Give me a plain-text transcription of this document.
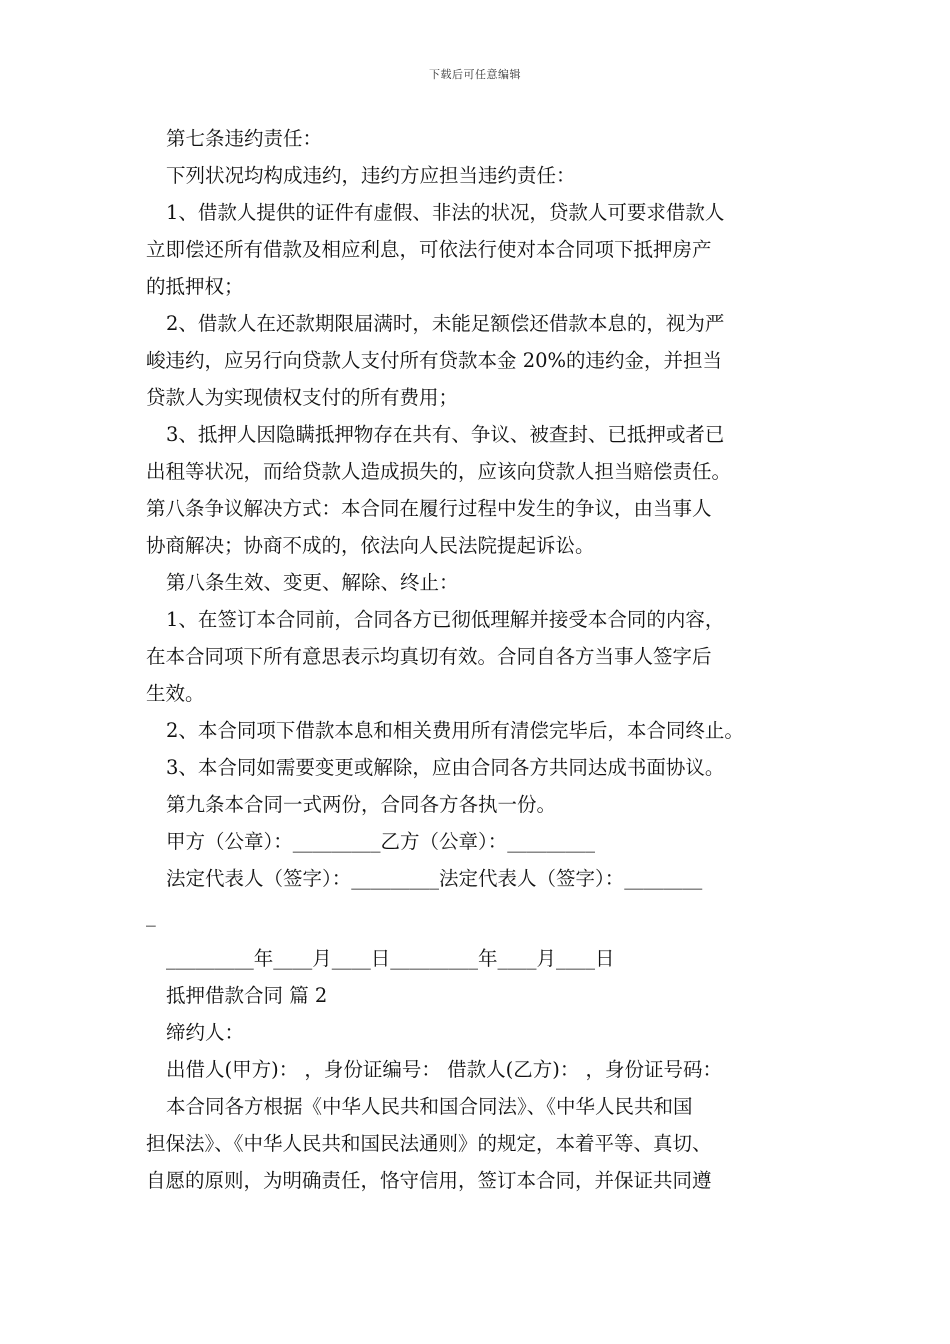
下载后可任意编辑

第七条违约责任：

下列状况均构成违约，违约方应担当违约责任：

1、借款人提供的证件有虚假、非法的状况，贷款人可要求借款人

立即偿还所有借款及相应利息，可依法行使对本合同项下抵押房产

的抵押权；

2、借款人在还款期限届满时，未能足额偿还借款本息的，视为严

峻违约，应另行向贷款人支付所有贷款本金 20%的违约金，并担当

贷款人为实现债权支付的所有费用；

3、抵押人因隐瞒抵押物存在共有、争议、被查封、已抵押或者已

出租等状况，而给贷款人造成损失的，应该向贷款人担当赔偿责任。

第八条争议解决方式：本合同在履行过程中发生的争议，由当事人

协商解决；协商不成的，依法向人民法院提起诉讼。

第八条生效、变更、解除、终止：

1、在签订本合同前，合同各方已彻低理解并接受本合同的内容，

在本合同项下所有意思表示均真切有效。合同自各方当事人签字后

生效。

2、本合同项下借款本息和相关费用所有清偿完毕后，本合同终止。

3、本合同如需要变更或解除，应由合同各方共同达成书面协议。

第九条本合同一式两份，合同各方各执一份。

甲方（公章）：_________乙方（公章）：_________

法定代表人（签字）：_________法定代表人（签字）：________

_

_________年____月____日_________年____月____日

抵押借款合同 篇 2

缔约人：

出借人(甲方)： ，身份证编号： 借款人(乙方)： ，身份证号码：

本合同各方根据《中华人民共和国合同法》、《中华人民共和国

担保法》、《中华人民共和国民法通则》的规定，本着平等、真切、

自愿的原则，为明确责任，恪守信用，签订本合同，并保证共同遵
